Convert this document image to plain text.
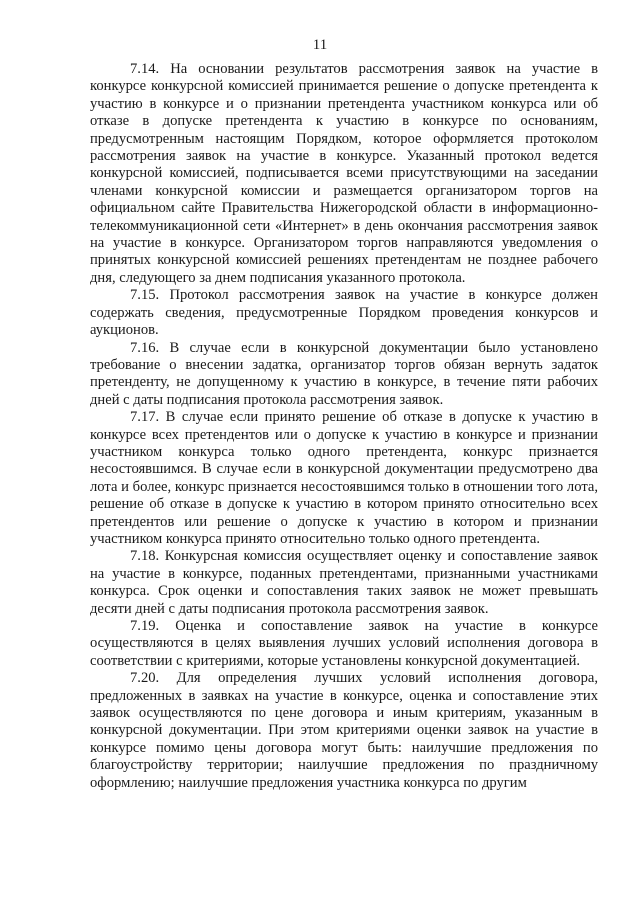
11

7.14. На основании результатов рассмотрения заявок на участие в конкурсе конкурсной комиссией принимается решение о допуске претендента к участию в конкурсе и о признании претендента участником конкурса или об отказе в допуске претендента к участию в конкурсе по основаниям, предусмотренным настоящим Порядком, которое оформляется протоколом рассмотрения заявок на участие в конкурсе. Указанный протокол ведется конкурсной комиссией, подписывается всеми присутствующими на заседании членами конкурсной комиссии и размещается организатором торгов на официальном сайте Правительства Нижегородской области в информационно-телекоммуникационной сети «Интернет» в день окончания рассмотрения заявок на участие в конкурсе. Организатором торгов направляются уведомления о принятых конкурсной комиссией решениях претендентам не позднее рабочего дня, следующего за днем подписания указанного протокола.

7.15. Протокол рассмотрения заявок на участие в конкурсе должен содержать сведения, предусмотренные Порядком проведения конкурсов и аукционов.

7.16. В случае если в конкурсной документации было установлено требование о внесении задатка, организатор торгов обязан вернуть задаток претенденту, не допущенному к участию в конкурсе, в течение пяти рабочих дней с даты подписания протокола рассмотрения заявок.

7.17. В случае если принято решение об отказе в допуске к участию в конкурсе всех претендентов или о допуске к участию в конкурсе и признании участником конкурса только одного претендента, конкурс признается несостоявшимся. В случае если в конкурсной документации предусмотрено два лота и более, конкурс признается несостоявшимся только в отношении того лота, решение об отказе в допуске к участию в котором принято относительно всех претендентов или решение о допуске к участию в котором и признании участником конкурса принято относительно только одного претендента.

7.18. Конкурсная комиссия осуществляет оценку и сопоставление заявок на участие в конкурсе, поданных претендентами, признанными участниками конкурса. Срок оценки и сопоставления таких заявок не может превышать десяти дней с даты подписания протокола рассмотрения заявок.

7.19. Оценка и сопоставление заявок на участие в конкурсе осуществляются в целях выявления лучших условий исполнения договора в соответствии с критериями, которые установлены конкурсной документацией.

7.20. Для определения лучших условий исполнения договора, предложенных в заявках на участие в конкурсе, оценка и сопоставление этих заявок осуществляются по цене договора и иным критериям, указанным в конкурсной документации. При этом критериями оценки заявок на участие в конкурсе помимо цены договора могут быть: наилучшие предложения по благоустройству территории; наилучшие предложения по праздничному оформлению; наилучшие предложения участника конкурса по другим
